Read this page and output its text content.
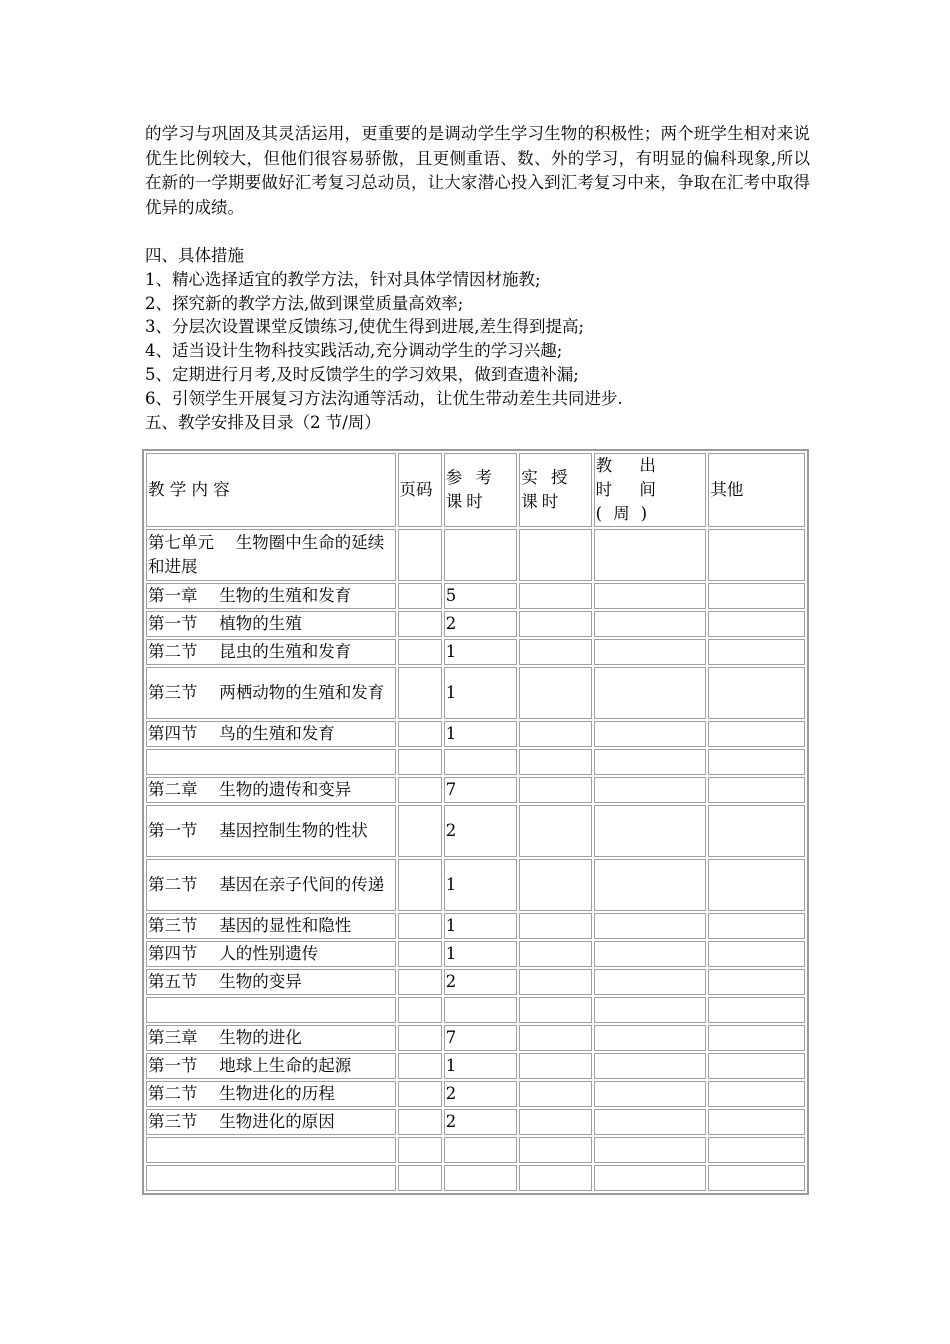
的学习与巩固及其灵活运用，更重要的是调动学生学习生物的积极性；两个班学生相对来说优生比例较大，但他们很容易骄傲，且更侧重语、数、外的学习，有明显的偏科现象,所以在新的一学期要做好汇考复习总动员，让大家潜心投入到汇考复习中来，争取在汇考中取得优异的成绩。

四、具体措施

1、精心选择适宜的教学方法，针对具体学情因材施教;

2、探究新的教学方法,做到课堂质量高效率;

3、分层次设置课堂反馈练习,使优生得到进展,差生得到提高;

4、适当设计生物科技实践活动,充分调动学生的学习兴趣;

5、定期进行月考,及时反馈学生的学习效果，做到查遗补漏;

6、引领学生开展复习方法沟通等活动，让优生带动差生共同进步.

五、教学安排及目录（2 节/周）

教 学 内 容	页码	参 考 课时	实 授 课时	教 出 时 间(周)	其他
第七单元 　生物圈中生命的延续和进展					
第一章 　生物的生殖和发育		5			
第一节 　植物的生殖		2			
第二节 　昆虫的生殖和发育		1			
第三节 　两栖动物的生殖和发育		1			
第四节 　鸟的生殖和发育		1			

第二章 　生物的遗传和变异		7			
第一节 　基因控制生物的性状		2			
第二节 　基因在亲子代间的传递		1			
第三节 　基因的显性和隐性		1			
第四节 　人的性别遗传		1			
第五节 　生物的变异		2			

第三章 　生物的进化		7			
第一节 　地球上生命的起源		1			
第二节 　生物进化的历程		2			
第三节 　生物进化的原因		2			
